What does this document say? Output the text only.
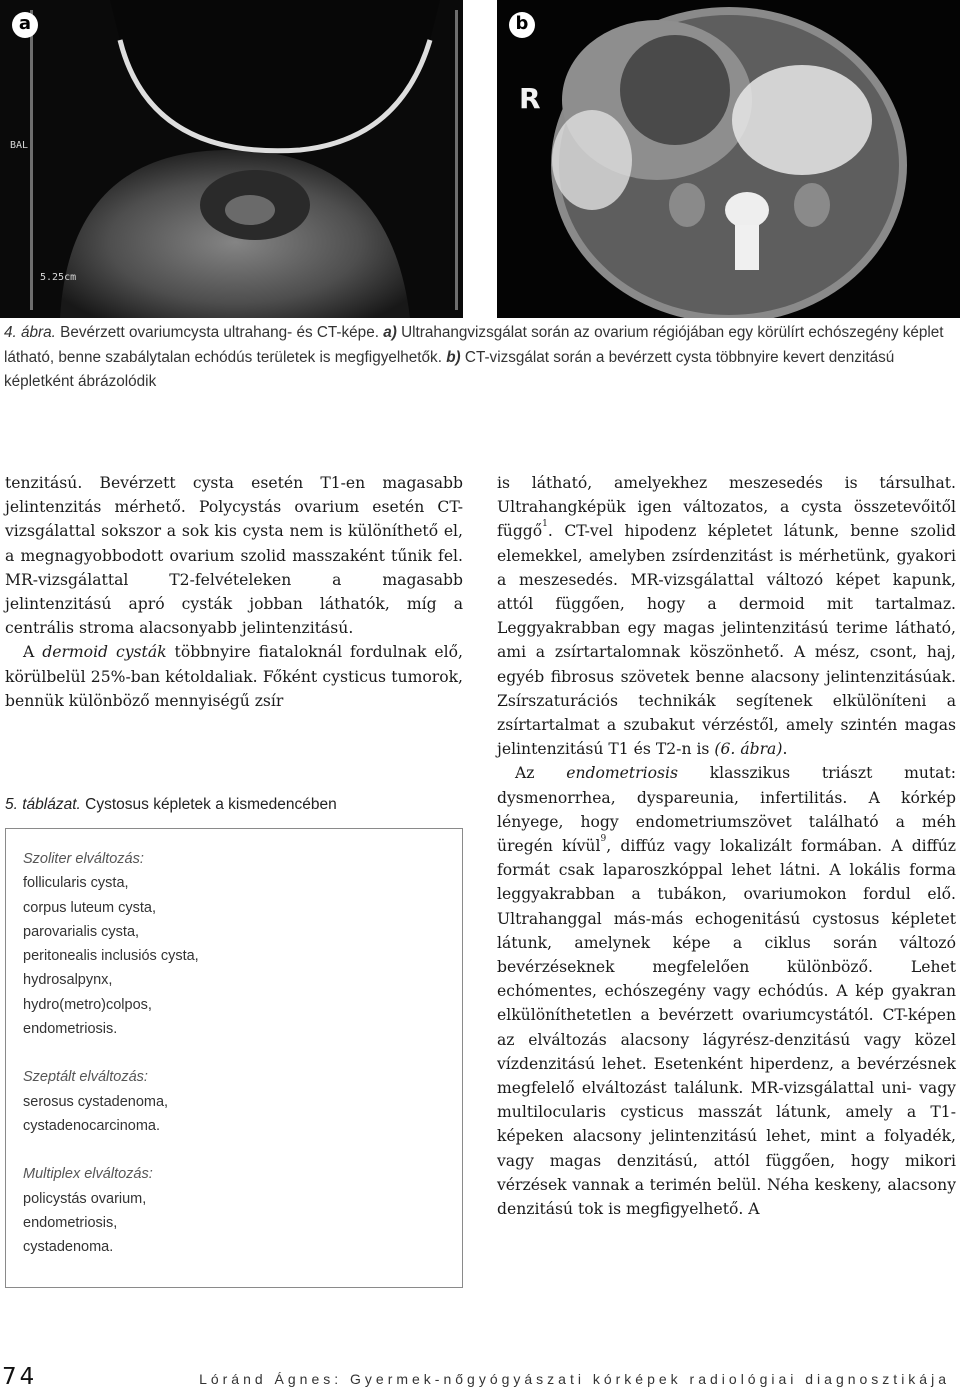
a
BAL
5.25cm
b
R
4. ábra. Bevérzett ovariumcysta ultrahang- és CT-képe. a) Ultrahangvizsgálat során az ovarium régiójában egy körülírt echószegény képlet látható, benne szabálytalan echódús területek is megfigyelhetők. b) CT-vizsgálat során a bevérzett cysta többnyire kevert denzitású képletként ábrázolódik

tenzitású. Bevérzett cysta esetén T1-en magasabb jelintenzitás mérhető. Polycystás ovarium esetén CT-vizsgálattal sokszor a sok kis cysta nem is különíthető el, a megnagyobbodott ovarium szolid masszaként tűnik fel. MR-vizsgálattal T2-felvételeken a magasabb jelintenzitású apró cysták jobban láthatók, míg a centrális stroma alacsonyabb jelintenzitású.

A dermoid cysták többnyire fiataloknál fordulnak elő, körülbelül 25%-ban kétoldaliak. Főként cysticus tumorok, bennük különböző mennyiségű zsír

5. táblázat. Cystosus képletek a kismedencében
Szoliter elváltozás:
follicularis cysta,
corpus luteum cysta,
parovarialis cysta,
peritonealis inclusiós cysta,
hydrosalpynx,
hydro(metro)colpos,
endometriosis.
Szeptált elváltozás:
serosus cystadenoma,
cystadenocarcinoma.
Multiplex elváltozás:
policystás ovarium,
endometriosis,
cystadenoma.

is látható, amelyekhez meszesedés is társulhat. Ultrahangképük igen változatos, a cysta összetevőitől függő$^1$. CT-vel hipodenz képletet látunk, benne szolid elemekkel, amelyben zsírdenzitást is mérhetünk, gyakori a meszesedés. MR-vizsgálattal változó képet kapunk, attól függően, hogy a dermoid mit tartalmaz. Leggyakrabban egy magas jelintenzitású terime látható, ami a zsírtartalomnak köszönhető. A mész, csont, haj, egyéb fibrosus szövetek benne alacsony jelintenzitásúak. Zsírszaturációs technikák segítenek elkülöníteni a zsírtartalmat a szubakut vérzéstől, amely szintén magas jelintenzitású T1 és T2-n is (6. ábra).

Az endometriosis klasszikus triászt mutat: dysmenorrhea, dyspareunia, infertilitás. A kórkép lényege, hogy endometriumszövet található a méh üregén kívül$^9$, diffúz vagy lokalizált formában. A diffúz formát csak laparoszkóppal lehet látni. A lokális forma leggyakrabban a tubákon, ovariumokon fordul elő. Ultrahanggal más-más echogenitású cystosus képletet látunk, amelynek képe a ciklus során változó bevérzéseknek megfelelően különböző. Lehet echómentes, echószegény vagy echódús. A kép gyakran elkülöníthetetlen a bevérzett ovariumcystától. CT-képen az elváltozás alacsony lágyrész-denzitású vagy közel vízdenzitású lehet. Esetenként hiperdenz, a bevérzésnek megfelelő elváltozást találunk. MR-vizsgálattal uni- vagy multilocularis cysticus masszát látunk, amely a T1-képeken alacsony jelintenzitású lehet, mint a folyadék, vagy magas denzitású, attól függően, hogy mikori vérzések vannak a terimén belül. Néha keskeny, alacsony denzitású tok is megfigyelhető. A

74	Lóránd Ágnes: Gyermek-nőgyógyászati kórképek radiológiai diagnosztikája
